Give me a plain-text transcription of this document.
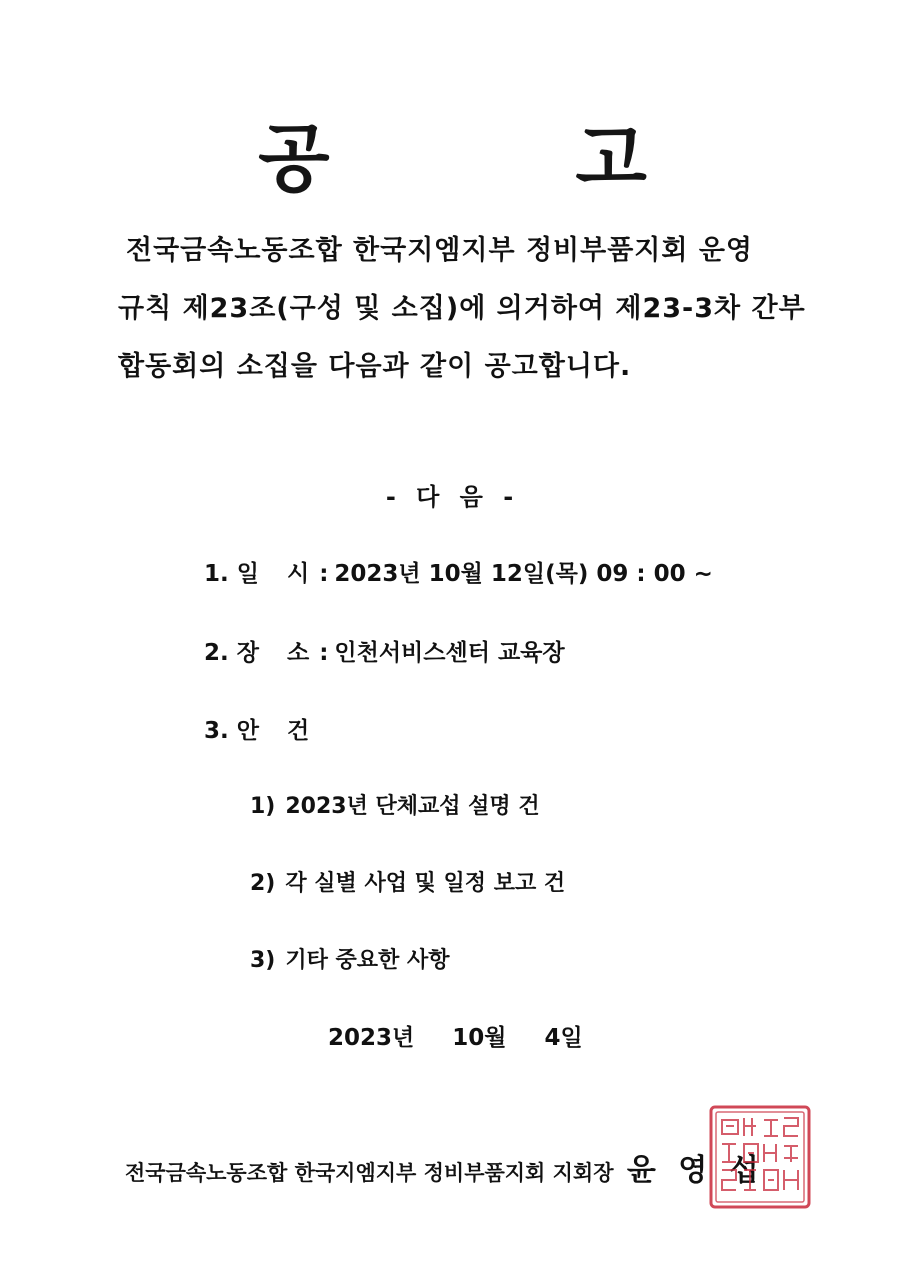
공 고
전국금속노동조합 한국지엠지부 정비부품지회 운영
규칙 제23조(구성 및 소집)에 의거하여 제23-3차 간부
합동회의 소집을 다음과 같이 공고합니다.
- 다 음 -
1. 일 시: 2023년 10월 12일(목) 09 : 00 ~
2. 장 소: 인천서비스센터 교육장
3. 안 건
1) 2023년 단체교섭 설명 건
2) 각 실별 사업 및 일정 보고 건
3) 기타 중요한 사항
2023년 10월 4일
전국금속노동조합 한국지엠지부 정비부품지회 지회장 윤 영 섭
